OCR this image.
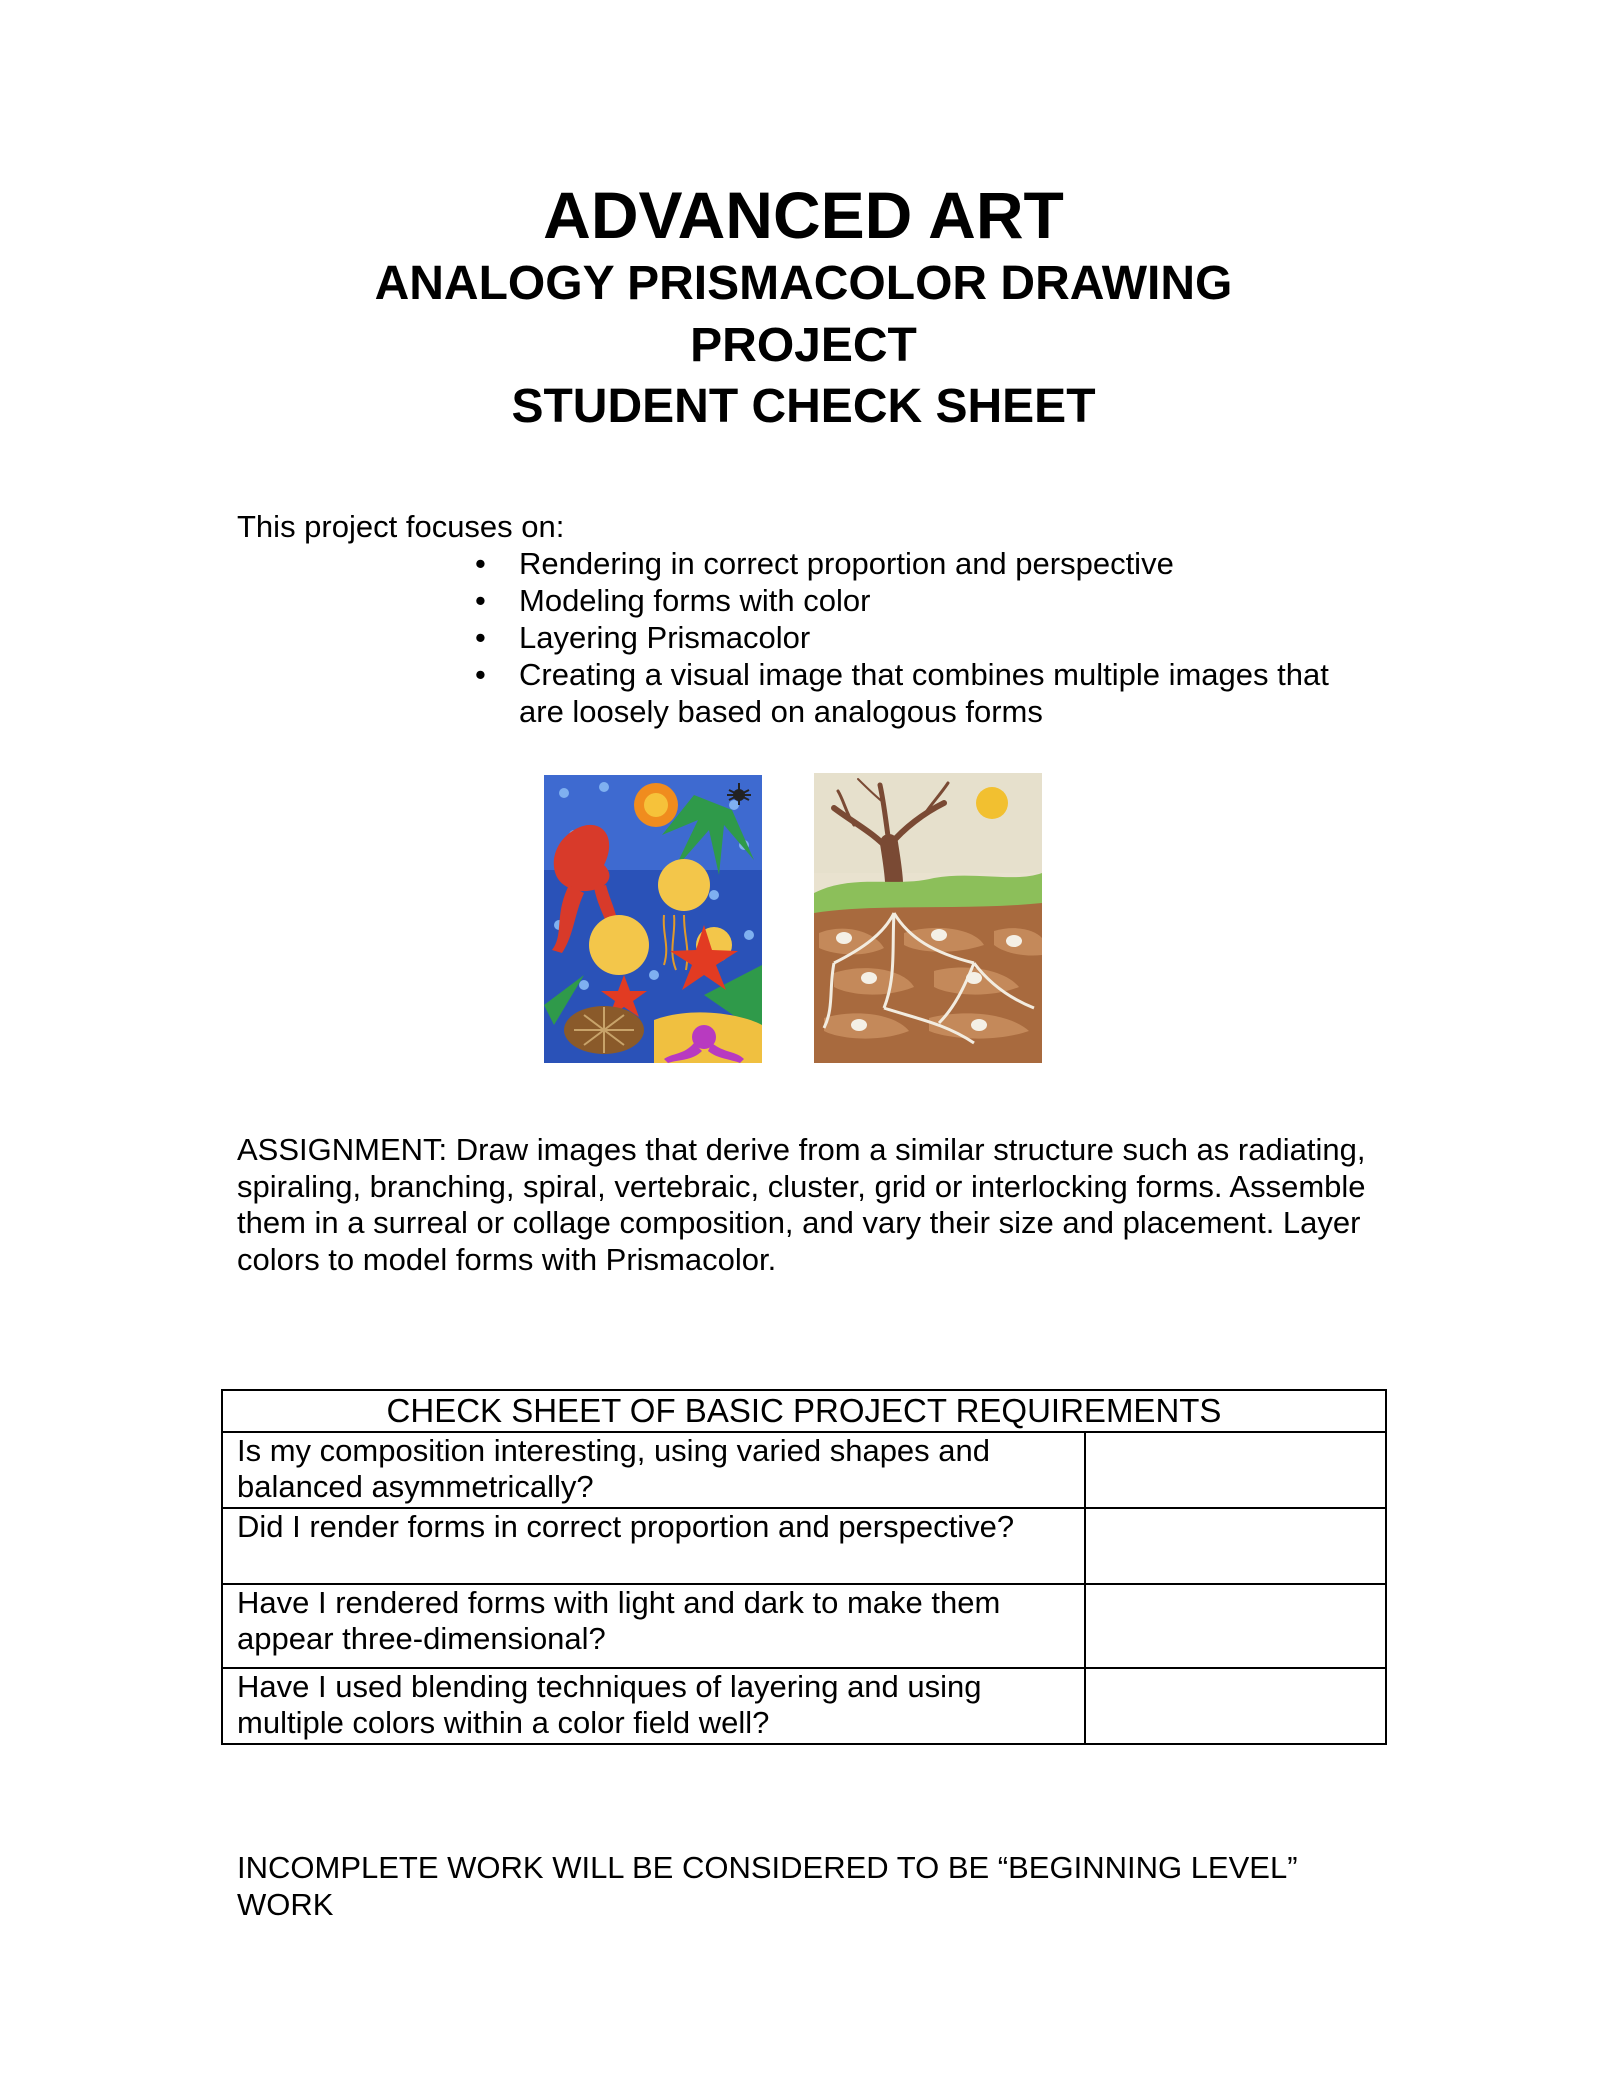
ADVANCED ART
ANALOGY PRISMACOLOR DRAWING
PROJECT
STUDENT CHECK SHEET
This project focuses on:
• Rendering in correct proportion and perspective
• Modeling forms with color
• Layering Prismacolor
• Creating a visual image that combines multiple images that are loosely based on analogous forms
ASSIGNMENT: Draw images that derive from a similar structure such as radiating, spiraling, branching, spiral, vertebraic, cluster, grid or interlocking forms. Assemble them in a surreal or collage composition, and vary their size and placement. Layer colors to model forms with Prismacolor.
CHECK SHEET OF BASIC PROJECT REQUIREMENTS	
Is my composition interesting, using varied shapes and balanced asymmetrically?	
Did I render forms in correct proportion and perspective?	
Have I rendered forms with light and dark to make them appear three-dimensional?	
Have I used blending techniques of layering and using multiple colors within a color field well?	
INCOMPLETE WORK WILL BE CONSIDERED TO BE “BEGINNING LEVEL” WORK
